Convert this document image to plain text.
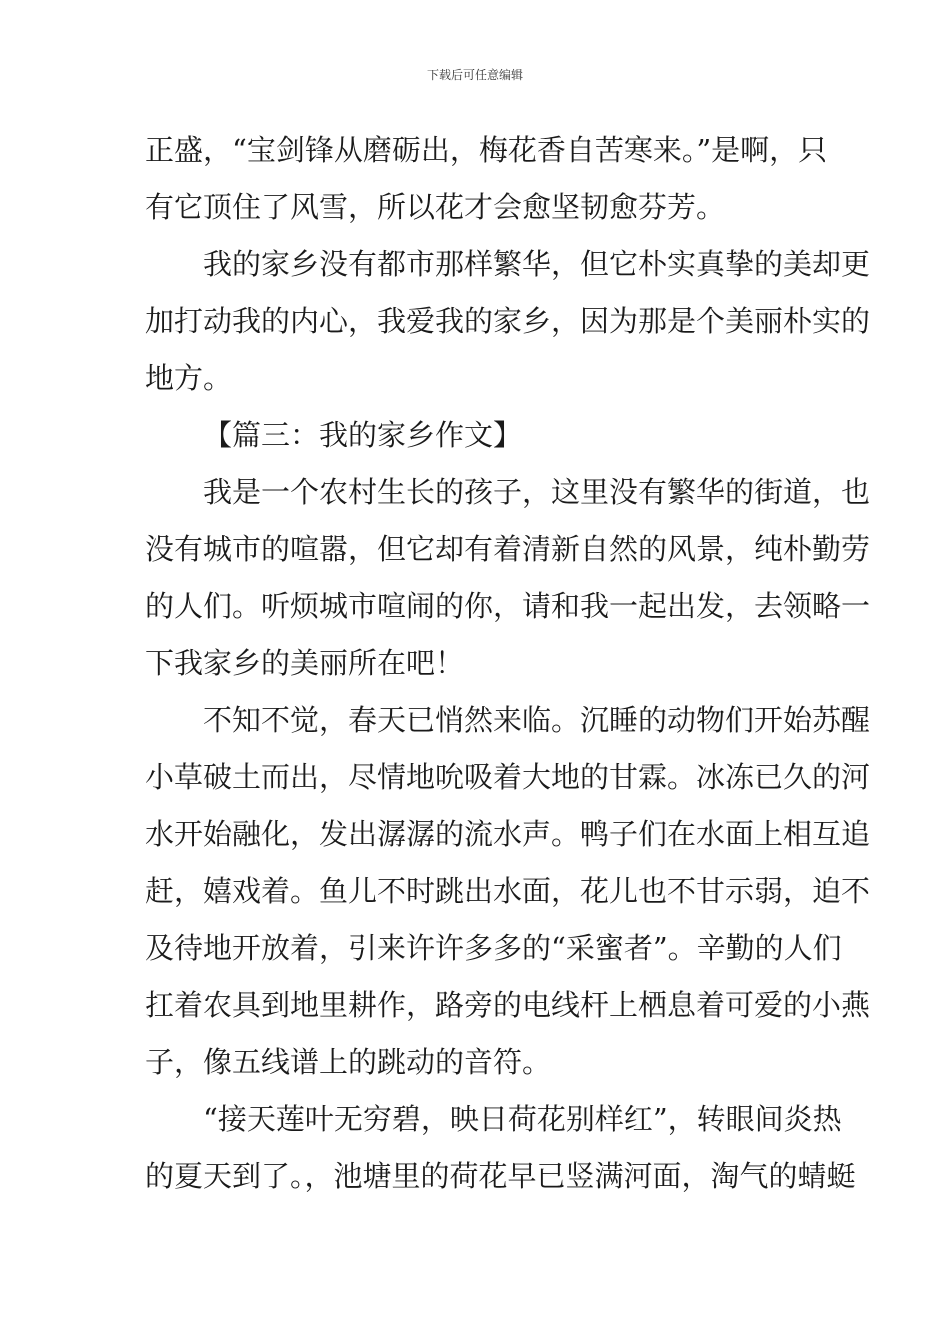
下载后可任意编辑
正盛，“宝剑锋从磨砺出，梅花香自苦寒来。”是啊，只
有它顶住了风雪，所以花才会愈坚韧愈芬芳。
我的家乡没有都市那样繁华，但它朴实真挚的美却更
加打动我的内心，我爱我的家乡，因为那是个美丽朴实的
地方。
【篇三：我的家乡作文】
我是一个农村生长的孩子，这里没有繁华的街道，也
没有城市的喧嚣，但它却有着清新自然的风景，纯朴勤劳
的人们。听烦城市喧闹的你，请和我一起出发，去领略一
下我家乡的美丽所在吧！
不知不觉，春天已悄然来临。沉睡的动物们开始苏醒
小草破土而出，尽情地吮吸着大地的甘霖。冰冻已久的河
水开始融化，发出潺潺的流水声。鸭子们在水面上相互追
赶，嬉戏着。鱼儿不时跳出水面，花儿也不甘示弱，迫不
及待地开放着，引来许许多多的“采蜜者”。辛勤的人们
扛着农具到地里耕作，路旁的电线杆上栖息着可爱的小燕
子，像五线谱上的跳动的音符。
“接天莲叶无穷碧，映日荷花别样红”，转眼间炎热
的夏天到了。，池塘里的荷花早已竖满河面，淘气的蜻蜓
